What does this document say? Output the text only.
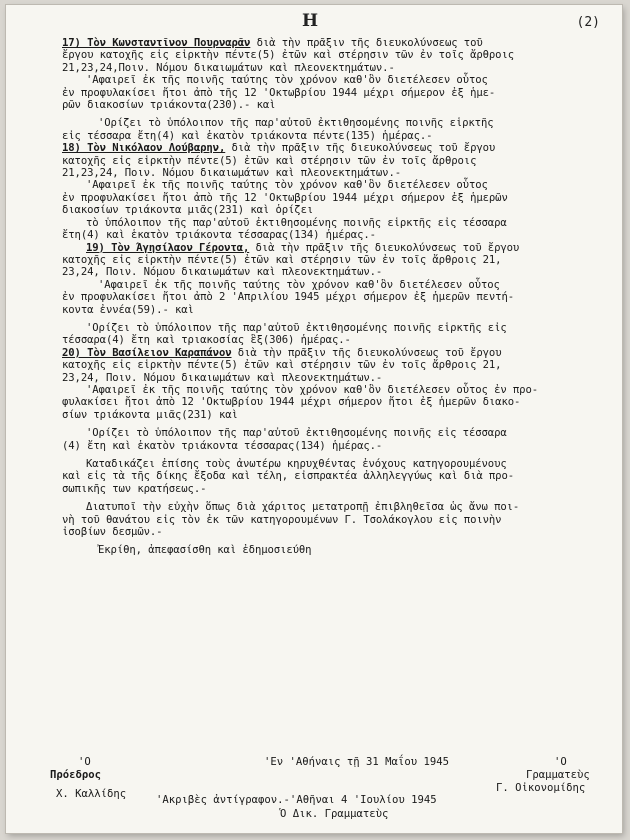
Н	(2)
17) Τὸν Κωνσταντῖνον Πουρναρᾶν διὰ τὴν πρᾶξιν τῆς διευκολύνσεως τοῦ
ἔργου κατοχῆς εἰς εἱρκτὴν πέντε(5) ἐτῶν καὶ στέρησιν τῶν ἐν τοῖς ἄρθροις
21,23,24,Ποιν. Νόμου δικαιωμάτων καὶ πλεονεκτημάτων.-
'Αφαιρεῖ ἐκ τῆς ποινῆς ταύτης τὸν χρόνον καθ'ὃν διετέλεσεν οὗτος
ἐν προφυλακίσει ἤτοι ἀπὸ τῆς 12 'Οκτωβρίου 1944 μέχρι σήμερον ἐξ ἡμε-
ρῶν διακοσίων τριάκοντα(230).- καὶ
'Ορίζει τὸ ὑπόλοιπον τῆς παρ'αὐτοῦ ἐκτιθησομένης ποινῆς εἱρκτῆς
εἰς τέσσαρα ἔτη(4) καὶ ἑκατὸν τριάκοντα πέντε(135) ἡμέρας.-
18) Τὸν Νικόλαον Λούβαρην, διὰ τὴν πρᾶξιν τῆς διευκολύνσεως τοῦ ἔργου
κατοχῆς εἰς εἱρκτὴν πέντε(5) ἐτῶν καὶ στέρησιν τῶν ἐν τοῖς ἄρθροις
21,23,24, Ποιν. Νόμου δικαιωμάτων καὶ πλεονεκτημάτων.-
'Αφαιρεῖ ἐκ τῆς ποινῆς ταύτης τὸν χρόνον καθ'ὃν διετέλεσεν οὗτος
ἐν προφυλακίσει ἤτοι ἀπὸ τῆς 12 'Οκτωβρίου 1944 μέχρι σήμερον ἐξ ἡμερῶν
διακοσίων τριάκοντα μιᾶς(231) καὶ ὁρίζει
τὸ ὑπόλοιπον τῆς παρ'αὐτοῦ ἐκτιθησομένης ποινῆς εἱρκτῆς εἰς τέσσαρα
ἔτη(4) καὶ ἑκατὸν τριάκοντα τέσσαρας(134) ἡμέρας.-
19) Τὸν Άγησίλαον Γέροντα, διὰ τὴν πρᾶξιν τῆς διευκολύνσεως τοῦ ἔργου
κατοχῆς εἰς εἱρκτὴν πέντε(5) ἐτῶν καὶ στέρησιν τῶν ἐν τοῖς ἄρθροις 21,
23,24, Ποιν. Νόμου δικαιωμάτων καὶ πλεονεκτημάτων.-
'Αφαιρεῖ ἐκ τῆς ποινῆς ταύτης τὸν χρόνον καθ'ὃν διετέλεσεν οὗτος
ἐν προφυλακίσει ἤτοι ἀπὸ 2 'Απριλίου 1945 μέχρι σήμερον ἐξ ἡμερῶν πεντή-
κοντα ἐννέα(59).- καὶ
'Ορίζει τὸ ὑπόλοιπον τῆς παρ'αὐτοῦ ἐκτιθησομένης ποινῆς εἱρκτῆς εἰς
τέσσαρα(4) ἔτη καὶ τριακοσίας ἓξ(306) ἡμέρας.-
20) Τὸν Βασίλειον Καραπάνον διὰ τὴν πρᾶξιν τῆς διευκολύνσεως τοῦ ἔργου
κατοχῆς εἰς εἱρκτὴν πέντε(5) ἐτῶν καὶ στέρησιν τῶν ἐν τοῖς ἄρθροις 21,
23,24, Ποιν. Νόμου δικαιωμάτων καὶ πλεονεκτημάτων.-
'Αφαιρεῖ ἐκ τῆς ποινῆς ταύτης τὸν χρόνον καθ'ὃν διετέλεσεν οὗτος ἐν προ-
φυλακίσει ἤτοι ἀπὸ 12 'Οκτωβρίου 1944 μέχρι σήμερον ἤτοι ἐξ ἡμερῶν διακο-
σίων τριάκοντα μιᾶς(231) καὶ
'Ορίζει τὸ ὑπόλοιπον τῆς παρ'αὐτοῦ ἐκτιθησομένης ποινῆς εἰς τέσσαρα
(4) ἔτη καὶ ἑκατὸν τριάκοντα τέσσαρας(134) ἡμέρας.-
Καταδικάζει ἐπίσης τοὺς ἀνωτέρω κηρυχθέντας ἐνόχους κατηγορουμένους
καὶ εἰς τὰ τῆς δίκης ἔξοδα καὶ τέλη, εἰσπρακτέα ἀλληλεγγύως καὶ διὰ προ-
σωπικῆς των κρατήσεως.-
Διατυποῖ τὴν εὐχὴν ὅπως διὰ χάριτος μετατροπῇ ἐπιβληθεῖσα ὡς ἄνω ποι-
νὴ τοῦ θανάτου εἰς τὸν ἐκ τῶν κατηγορουμένων Γ. Τσολάκογλου εἰς ποινὴν
ἰσοβίων δεσμῶν.-
Ἐκρίθη, ἀπεφασίσθη καὶ ἐδημοσιεύθη
'Ο
Πρόεδρος
'Εν 'Αθήναις τῇ 31 Μαΐου 1945	'Ο
Γραμματεὺς
Χ. Καλλίδης	Γ. Οἰκονομίδης
'Ακριβὲς ἀντίγραφον.-'Αθῆναι 4 'Ιουλίου 1945
Ὁ Δικ. Γραμματεὺς
